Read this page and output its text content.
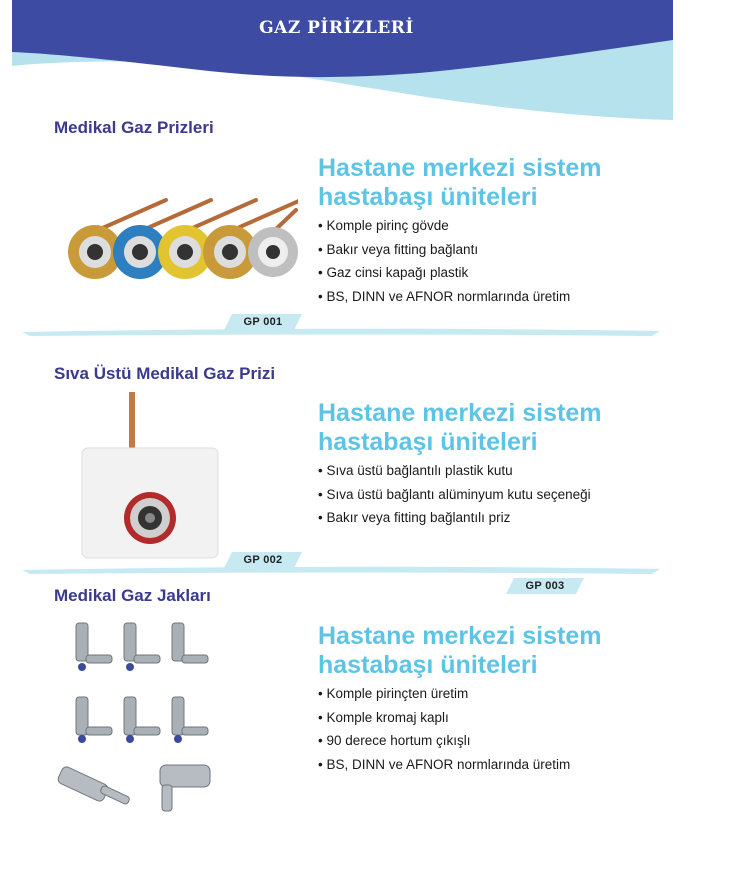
GAZ PİRİZLERİ
Medikal Gaz Prizleri
Hastane merkezi sistem
hastabaşı üniteleri
• Komple pirinç gövde
• Bakır veya fitting bağlantı
• Gaz cinsi kapağı plastik
• BS, DINN ve AFNOR normlarında üretim
GP 001
Sıva Üstü Medikal Gaz Prizi
Hastane merkezi sistem
hastabaşı üniteleri
• Sıva üstü bağlantılı plastik kutu
• Sıva üstü bağlantı alüminyum kutu seçeneği
• Bakır veya fitting bağlantılı priz
GP 002
GP 003
Medikal Gaz Jakları
Hastane merkezi sistem
hastabaşı üniteleri
• Komple pirinçten üretim
• Komple kromaj kaplı
• 90 derece hortum çıkışlı
• BS, DINN ve AFNOR normlarında üretim
